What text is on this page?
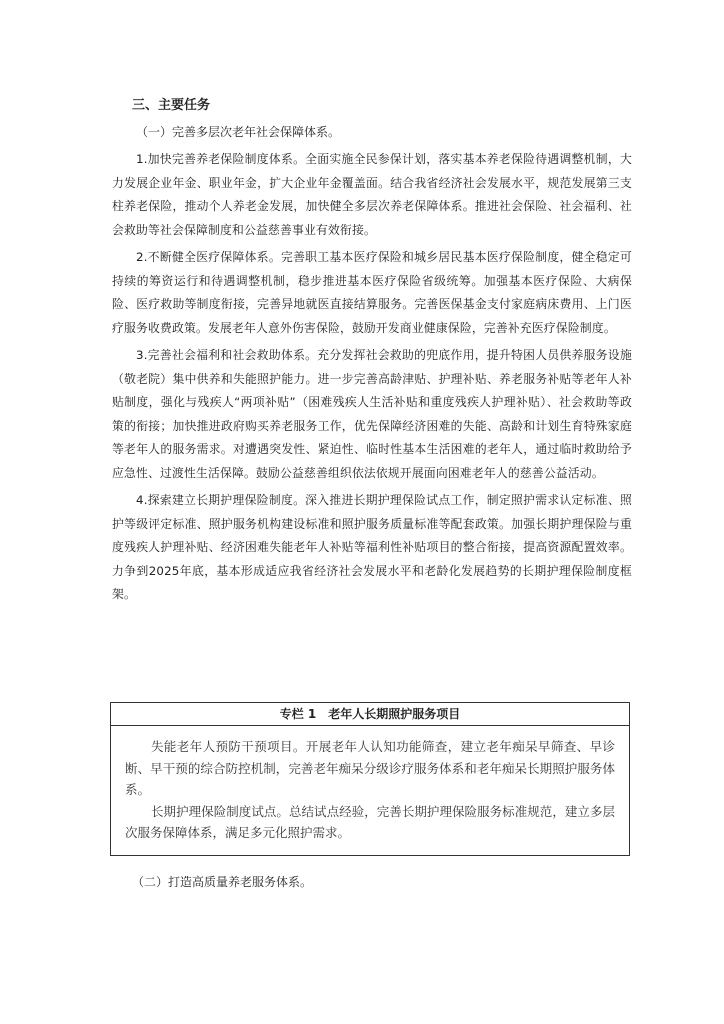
三、主要任务
（一）完善多层次老年社会保障体系。

1.加快完善养老保险制度体系。全面实施全民参保计划，落实基本养老保险待遇调整机制，大力发展企业年金、职业年金，扩大企业年金覆盖面。结合我省经济社会发展水平，规范发展第三支柱养老保险，推动个人养老金发展，加快健全多层次养老保障体系。推进社会保险、社会福利、社会救助等社会保障制度和公益慈善事业有效衔接。

2.不断健全医疗保障体系。完善职工基本医疗保险和城乡居民基本医疗保险制度，健全稳定可持续的筹资运行和待遇调整机制，稳步推进基本医疗保险省级统筹。加强基本医疗保险、大病保险、医疗救助等制度衔接，完善异地就医直接结算服务。完善医保基金支付家庭病床费用、上门医疗服务收费政策。发展老年人意外伤害保险，鼓励开发商业健康保险，完善补充医疗保险制度。

3.完善社会福利和社会救助体系。充分发挥社会救助的兜底作用，提升特困人员供养服务设施（敬老院）集中供养和失能照护能力。进一步完善高龄津贴、护理补贴、养老服务补贴等老年人补贴制度，强化与残疾人“两项补贴”（困难残疾人生活补贴和重度残疾人护理补贴）、社会救助等政策的衔接；加快推进政府购买养老服务工作，优先保障经济困难的失能、高龄和计划生育特殊家庭等老年人的服务需求。对遭遇突发性、紧迫性、临时性基本生活困难的老年人，通过临时救助给予应急性、过渡性生活保障。鼓励公益慈善组织依法依规开展面向困难老年人的慈善公益活动。

4.探索建立长期护理保险制度。深入推进长期护理保险试点工作，制定照护需求认定标准、照护等级评定标准、照护服务机构建设标准和照护服务质量标准等配套政策。加强长期护理保险与重度残疾人护理补贴、经济困难失能老年人补贴等福利性补贴项目的整合衔接，提高资源配置效率。力争到2025年底，基本形成适应我省经济社会发展水平和老龄化发展趋势的长期护理保险制度框架。

专栏 1　老年人长期照护服务项目

失能老年人预防干预项目。开展老年人认知功能筛查，建立老年痴呆早筛查、早诊断、早干预的综合防控机制，完善老年痴呆分级诊疗服务体系和老年痴呆长期照护服务体系。

长期护理保险制度试点。总结试点经验，完善长期护理保险服务标准规范，建立多层次服务保障体系，满足多元化照护需求。

（二）打造高质量养老服务体系。
